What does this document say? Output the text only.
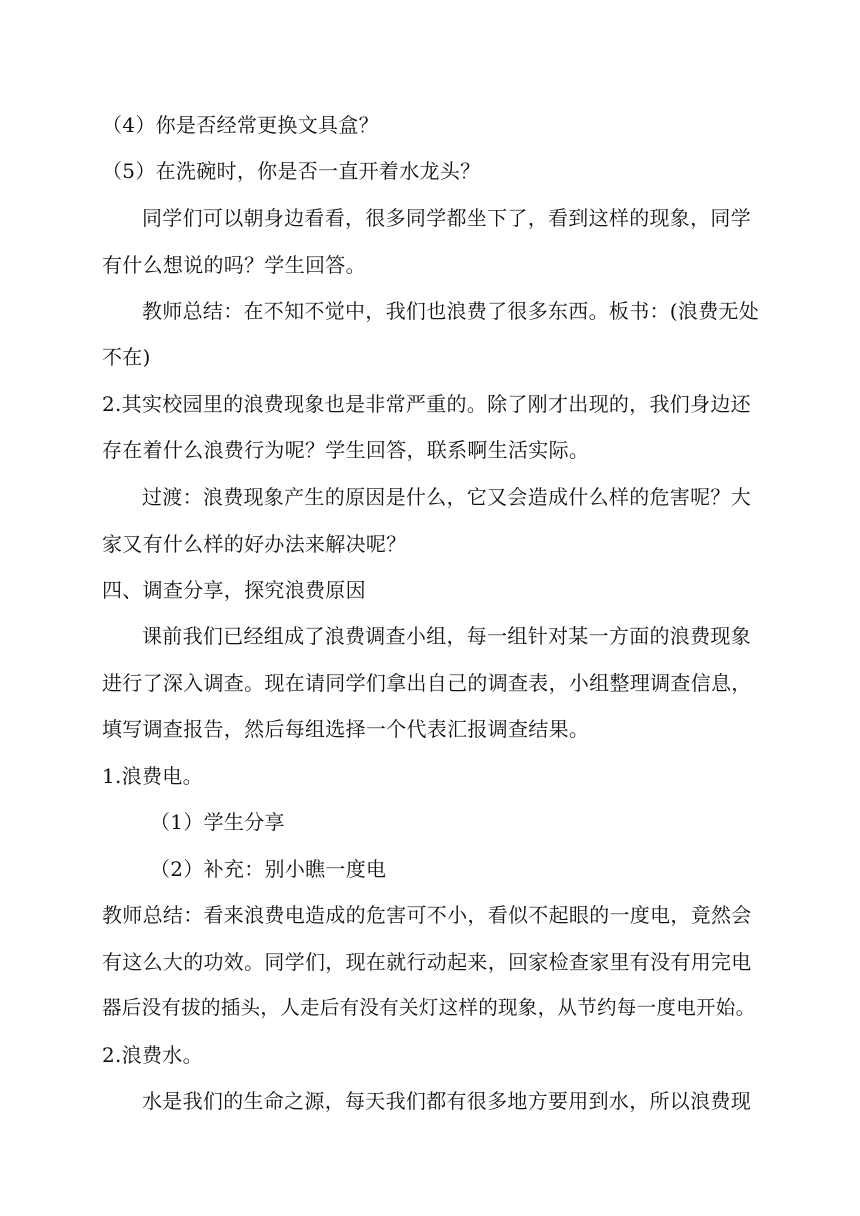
（4）你是否经常更换文具盒？
（5）在洗碗时，你是否一直开着水龙头？
同学们可以朝身边看看，很多同学都坐下了，看到这样的现象，同学
有什么想说的吗？学生回答。
教师总结：在不知不觉中，我们也浪费了很多东西。板书：(浪费无处
不在)
2.其实校园里的浪费现象也是非常严重的。除了刚才出现的，我们身边还
存在着什么浪费行为呢？学生回答，联系啊生活实际。
过渡：浪费现象产生的原因是什么，它又会造成什么样的危害呢？大
家又有什么样的好办法来解决呢？
四、调查分享，探究浪费原因
课前我们已经组成了浪费调查小组，每一组针对某一方面的浪费现象
进行了深入调查。现在请同学们拿出自己的调查表，小组整理调查信息，
填写调查报告，然后每组选择一个代表汇报调查结果。
1.浪费电。
（1）学生分享
（2）补充：别小瞧一度电
教师总结：看来浪费电造成的危害可不小，看似不起眼的一度电，竟然会
有这么大的功效。同学们，现在就行动起来，回家检查家里有没有用完电
器后没有拔的插头，人走后有没有关灯这样的现象，从节约每一度电开始。
2.浪费水。
水是我们的生命之源，每天我们都有很多地方要用到水，所以浪费现
